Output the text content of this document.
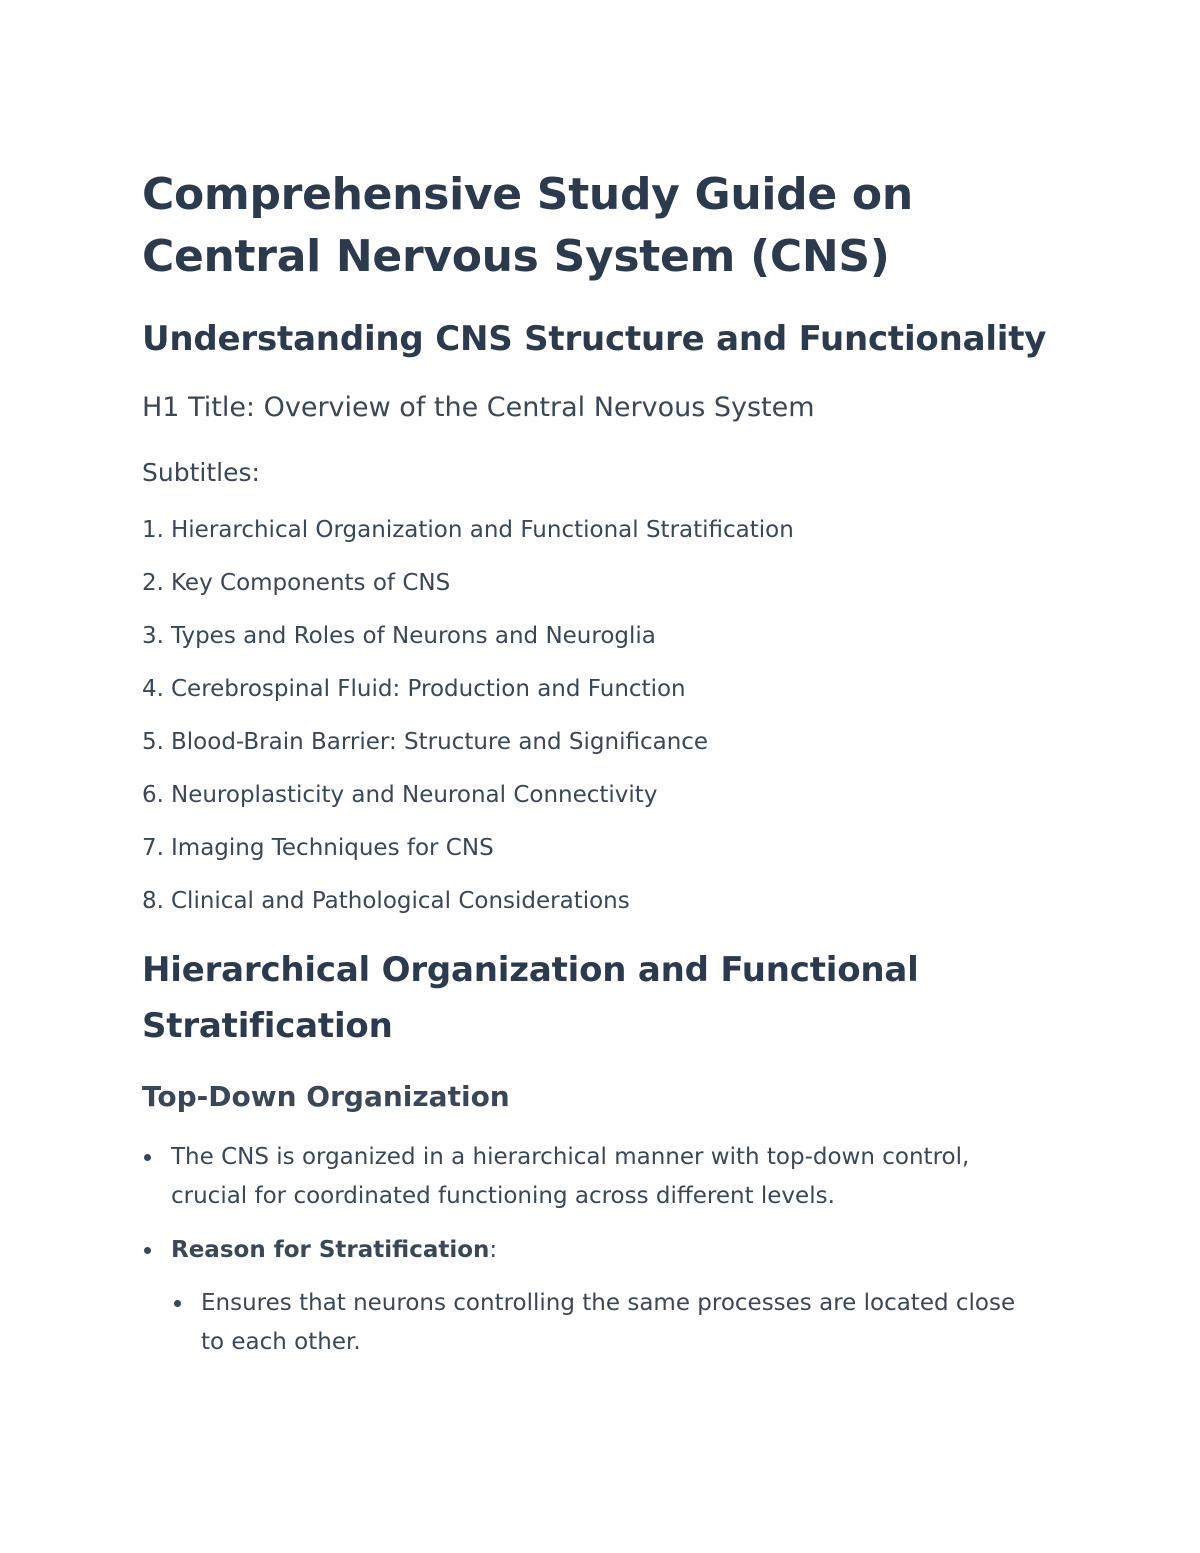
Comprehensive Study Guide on Central Nervous System (CNS)
Understanding CNS Structure and Functionality

H1 Title: Overview of the Central Nervous System

Subtitles:

1. Hierarchical Organization and Functional Stratification
2. Key Components of CNS
3. Types and Roles of Neurons and Neuroglia
4. Cerebrospinal Fluid: Production and Function
5. Blood-Brain Barrier: Structure and Significance
6. Neuroplasticity and Neuronal Connectivity
7. Imaging Techniques for CNS
8. Clinical and Pathological Considerations
Hierarchical Organization and Functional Stratification
Top-Down Organization
The CNS is organized in a hierarchical manner with top-down control, crucial for coordinated functioning across different levels.
Reason for Stratification:
Ensures that neurons controlling the same processes are located close to each other.
